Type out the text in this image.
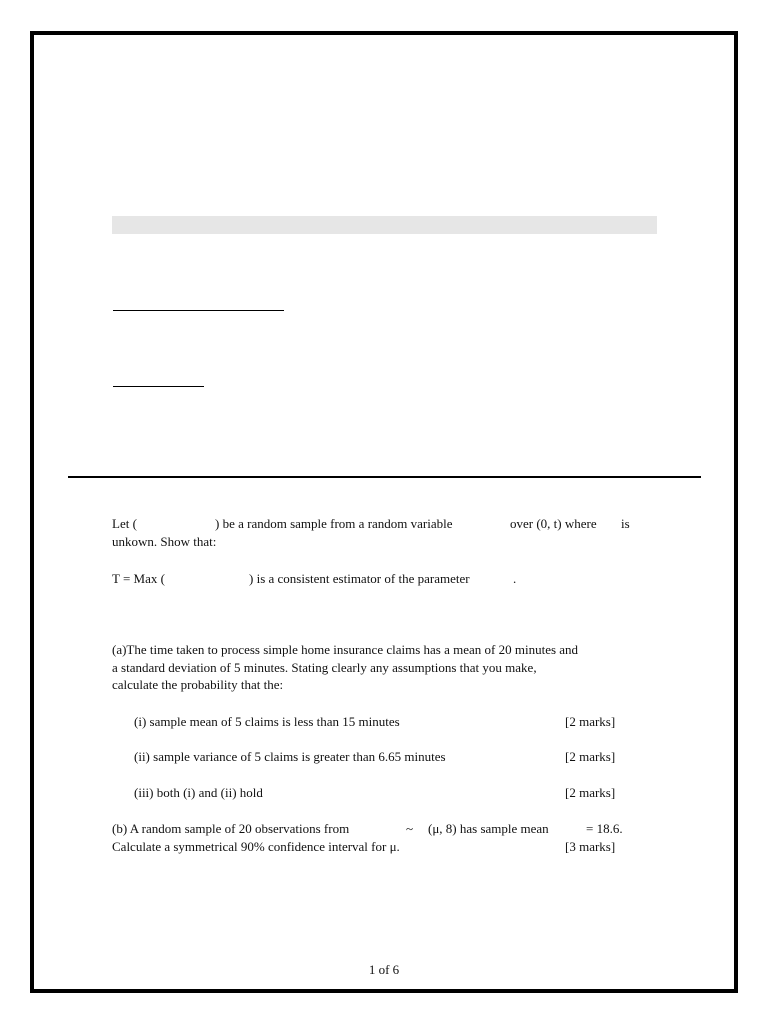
Let (	) be a random sample from a random variable	over (0, t) where is
unkown. Show that:
T = Max (	) is a consistent estimator of the parameter	.
(a)The time taken to process simple home insurance claims has a mean of 20 minutes and
a standard deviation of 5 minutes. Stating clearly any assumptions that you make,
calculate the probability that the:
(i) sample mean of 5 claims is less than 15 minutes	[2 marks]
(ii) sample variance of 5 claims is greater than 6.65 minutes	[2 marks]
(iii) both (i) and (ii) hold	[2 marks]
(b) A random sample of 20 observations from	~ (μ, 8) has sample mean	= 18.6.
Calculate a symmetrical 90% confidence interval for μ.	[3 marks]
1 of 6
